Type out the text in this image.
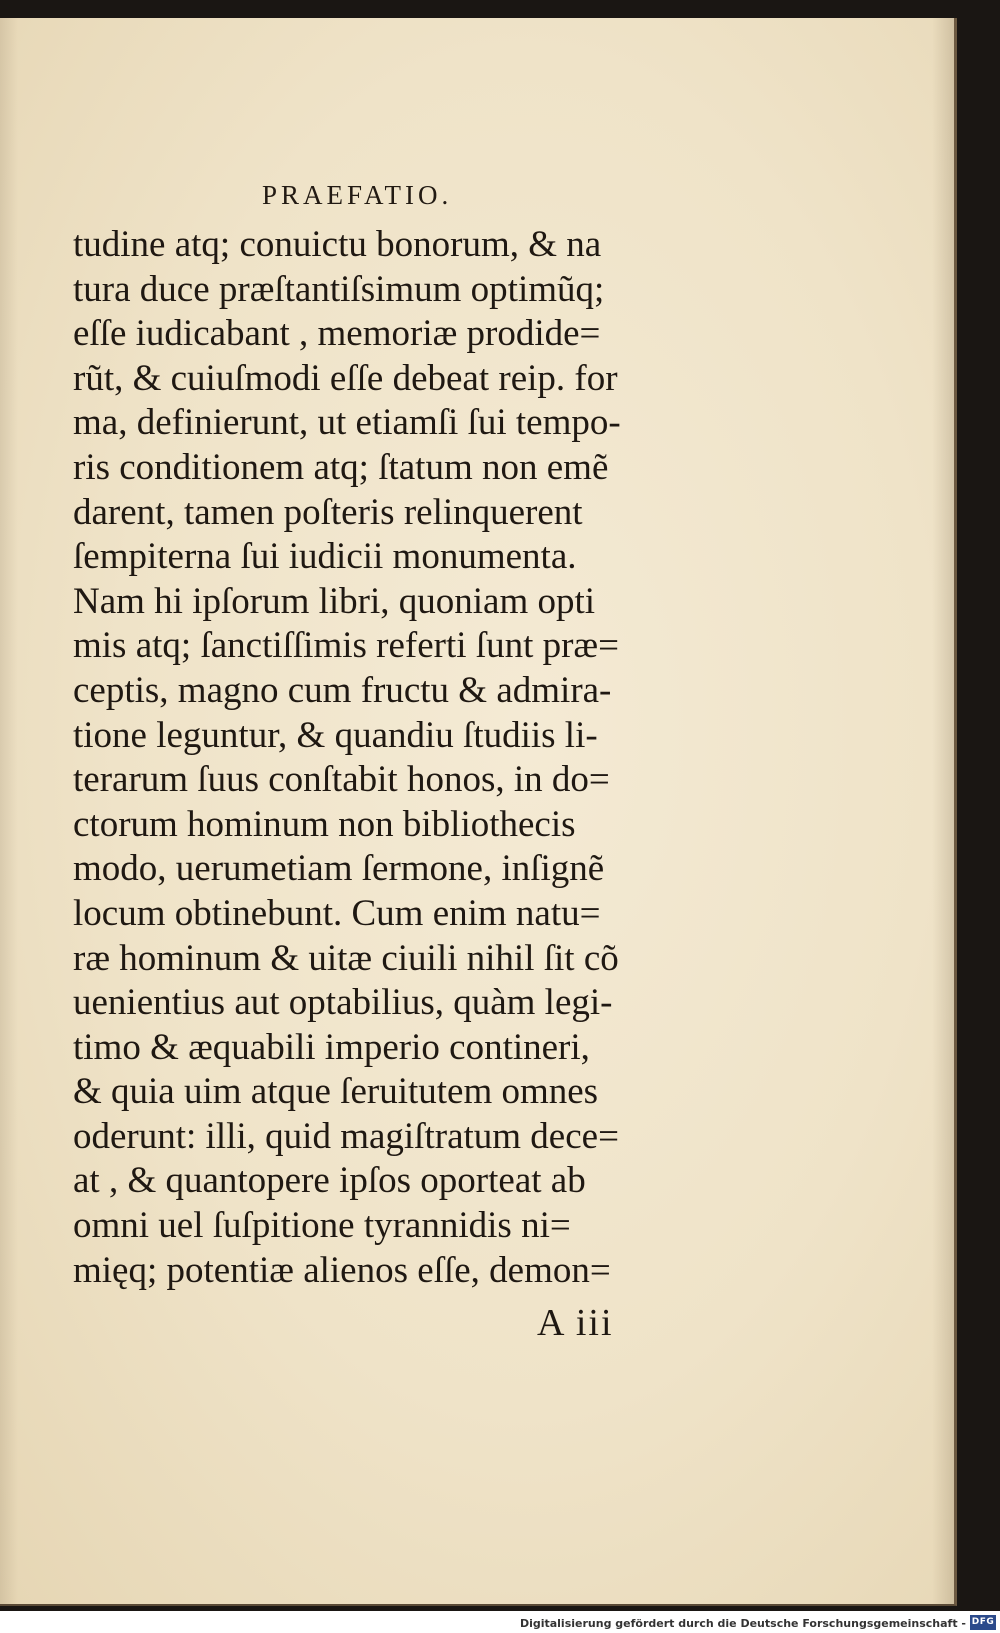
PRAEFATIO.
tudine atq; conuictu bonorum, & na
tura duce præſtantiſsimum optimũq;
eſſe iudicabant , memoriæ prodide=
rũt, & cuiuſmodi eſſe debeat reip. for
ma, definierunt, ut etiamſi ſui tempo-
ris conditionem atq; ſtatum non emẽ
darent, tamen poſteris relinquerent
ſempiterna ſui iudicii monumenta.
Nam hi ipſorum libri, quoniam opti
mis atq; ſanctiſſimis referti ſunt præ=
ceptis, magno cum fructu & admira-
tione leguntur, & quandiu ſtudiis li-
terarum ſuus conſtabit honos, in do=
ctorum hominum non bibliothecis
modo, uerumetiam ſermone, inſignẽ
locum obtinebunt. Cum enim natu=
ræ hominum & uitæ ciuili nihil ſit cõ
uenientius aut optabilius, quàm legi-
timo & æquabili imperio contineri,
& quia uim atque ſeruitutem omnes
oderunt: illi, quid magiſtratum dece=
at , & quantopere ipſos oporteat ab
omni uel ſuſpitione tyrannidis ni=
mięq; potentiæ alienos eſſe, demon=
A iii
Digitalisierung gefördert durch die Deutsche Forschungsgemeinschaft - DFG
